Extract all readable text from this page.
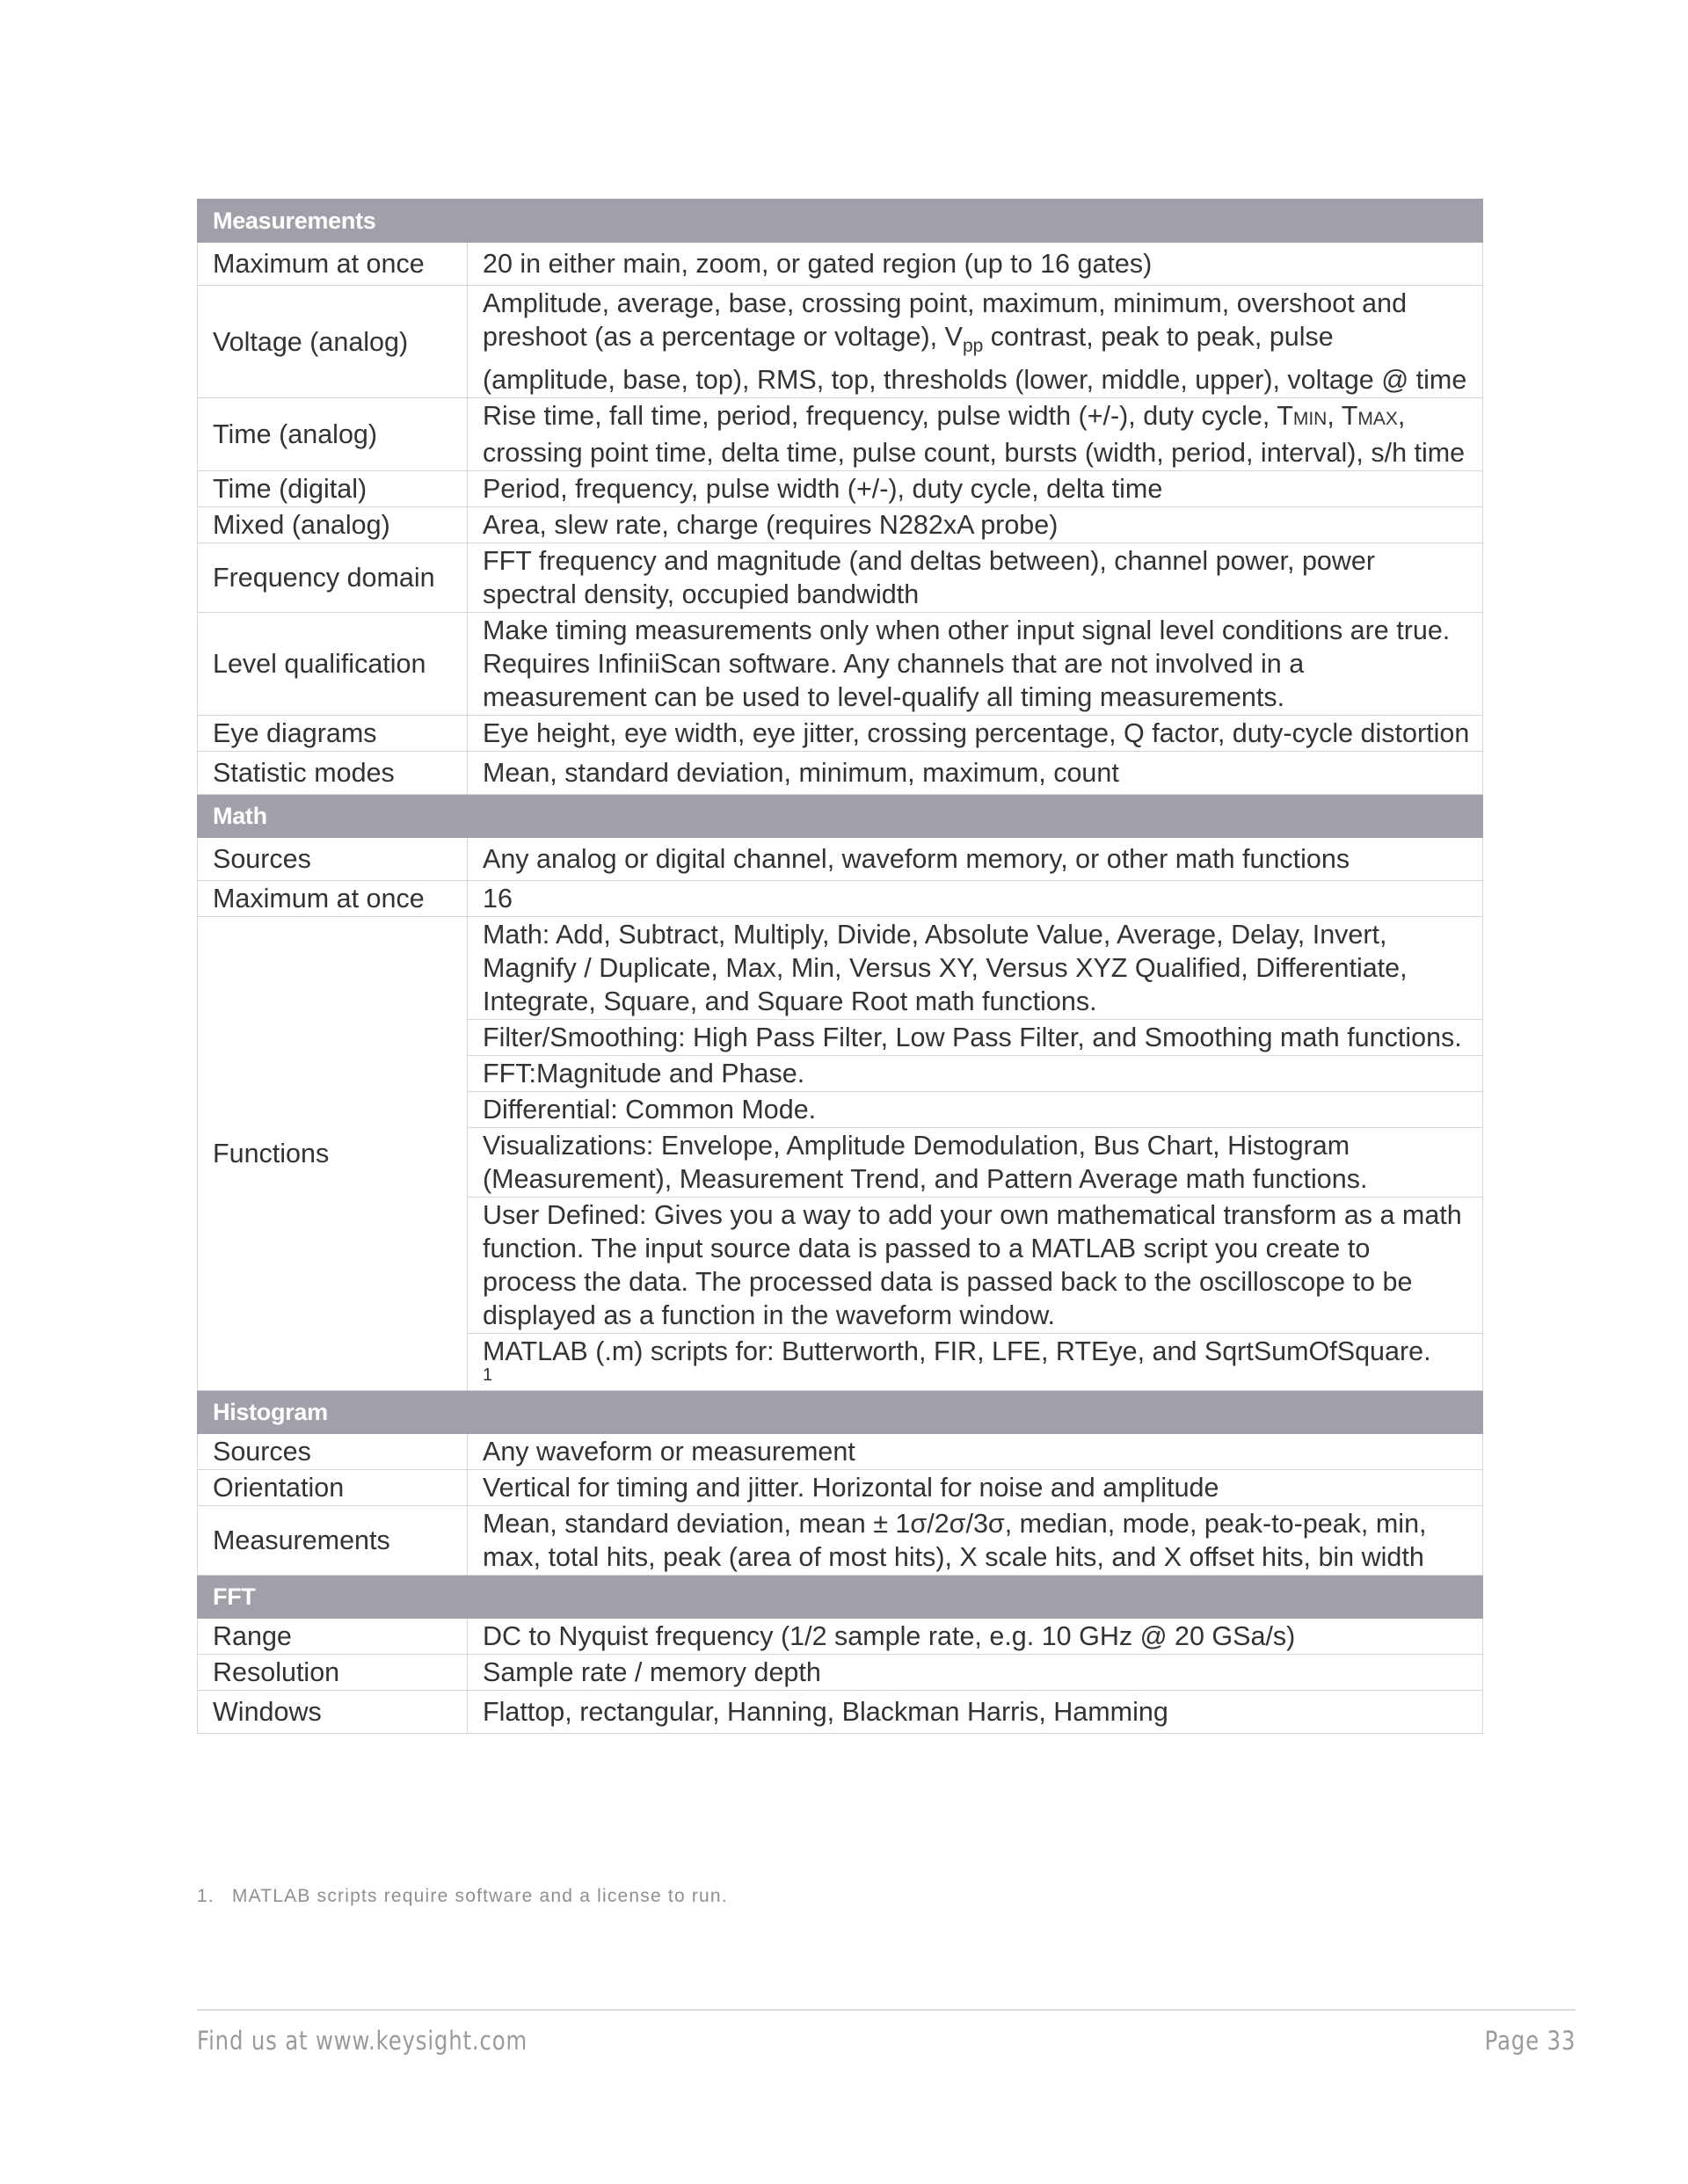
Measurements	
Maximum at once	20 in either main, zoom, or gated region (up to 16 gates)
Voltage (analog)	Amplitude, average, base, crossing point, maximum, minimum, overshoot and preshoot (as a percentage or voltage), $V_{pp}$ contrast, peak to peak, pulse (amplitude, base, top), RMS, top, thresholds (lower, middle, upper), voltage @ time
Time (analog)	Rise time, fall time, period, frequency, pulse width (+/-), duty cycle, TMIN, TMAX, crossing point time, delta time, pulse count, bursts (width, period, interval), s/h time
Time (digital)	Period, frequency, pulse width (+/-), duty cycle, delta time
Mixed (analog)	Area, slew rate, charge (requires N282xA probe)
Frequency domain	FFT frequency and magnitude (and deltas between), channel power, power spectral density, occupied bandwidth
Level qualification	Make timing measurements only when other input signal level conditions are true. Requires InfiniiScan software. Any channels that are not involved in a measurement can be used to level-qualify all timing measurements.
Eye diagrams	Eye height, eye width, eye jitter, crossing percentage, Q factor, duty-cycle distortion
Statistic modes	Mean, standard deviation, minimum, maximum, count
Math	
Sources	Any analog or digital channel, waveform memory, or other math functions
Maximum at once	16
Functions	Math: Add, Subtract, Multiply, Divide, Absolute Value, Average, Delay, Invert, Magnify / Duplicate, Max, Min, Versus XY, Versus XYZ Qualified, Differentiate, Integrate, Square, and Square Root math functions.
	Filter/Smoothing: High Pass Filter, Low Pass Filter, and Smoothing math functions.
	FFT:Magnitude and Phase.
	Differential: Common Mode.
	Visualizations: Envelope, Amplitude Demodulation, Bus Chart, Histogram (Measurement), Measurement Trend, and Pattern Average math functions.
	User Defined: Gives you a way to add your own mathematical transform as a math function. The input source data is passed to a MATLAB script you create to process the data. The processed data is passed back to the oscilloscope to be displayed as a function in the waveform window.
	MATLAB (.m) scripts for: Butterworth, FIR, LFE, RTEye, and SqrtSumOfSquare.
1

Histogram	
Sources	Any waveform or measurement
Orientation	Vertical for timing and jitter. Horizontal for noise and amplitude
Measurements	Mean, standard deviation, mean ± 1σ/2σ/3σ, median, mode, peak-to-peak, min, max, total hits, peak (area of most hits), X scale hits, and X offset hits, bin width
FFT	
Range	DC to Nyquist frequency (1/2 sample rate, e.g. 10 GHz @ 20 GSa/s)
Resolution	Sample rate / memory depth
Windows	Flattop, rectangular, Hanning, Blackman Harris, Hamming
1. MATLAB scripts require software and a license to run.
Find us at www.keysight.com	Page 33
